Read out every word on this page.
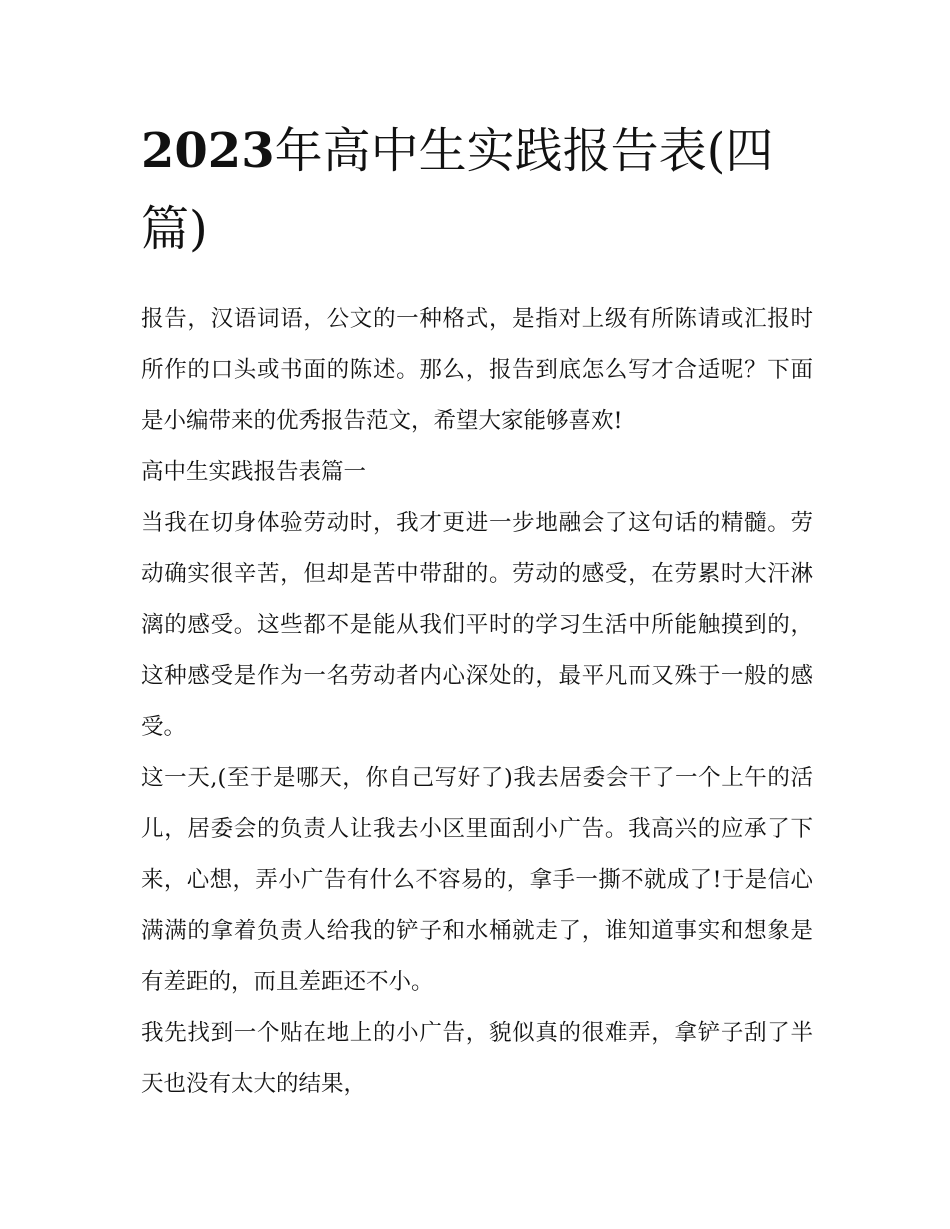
2023年高中生实践报告表(四篇)

报告，汉语词语，公文的一种格式，是指对上级有所陈请或汇报时所作的口头或书面的陈述。那么，报告到底怎么写才合适呢？下面是小编带来的优秀报告范文，希望大家能够喜欢!

高中生实践报告表篇一

当我在切身体验劳动时，我才更进一步地融会了这句话的精髓。劳动确实很辛苦，但却是苦中带甜的。劳动的感受，在劳累时大汗淋漓的感受。这些都不是能从我们平时的学习生活中所能触摸到的，这种感受是作为一名劳动者内心深处的，最平凡而又殊于一般的感受。

这一天,(至于是哪天，你自己写好了)我去居委会干了一个上午的活儿，居委会的负责人让我去小区里面刮小广告。我高兴的应承了下来，心想，弄小广告有什么不容易的，拿手一撕不就成了!于是信心满满的拿着负责人给我的铲子和水桶就走了，谁知道事实和想象是有差距的，而且差距还不小。

我先找到一个贴在地上的小广告，貌似真的很难弄，拿铲子刮了半天也没有太大的结果，
